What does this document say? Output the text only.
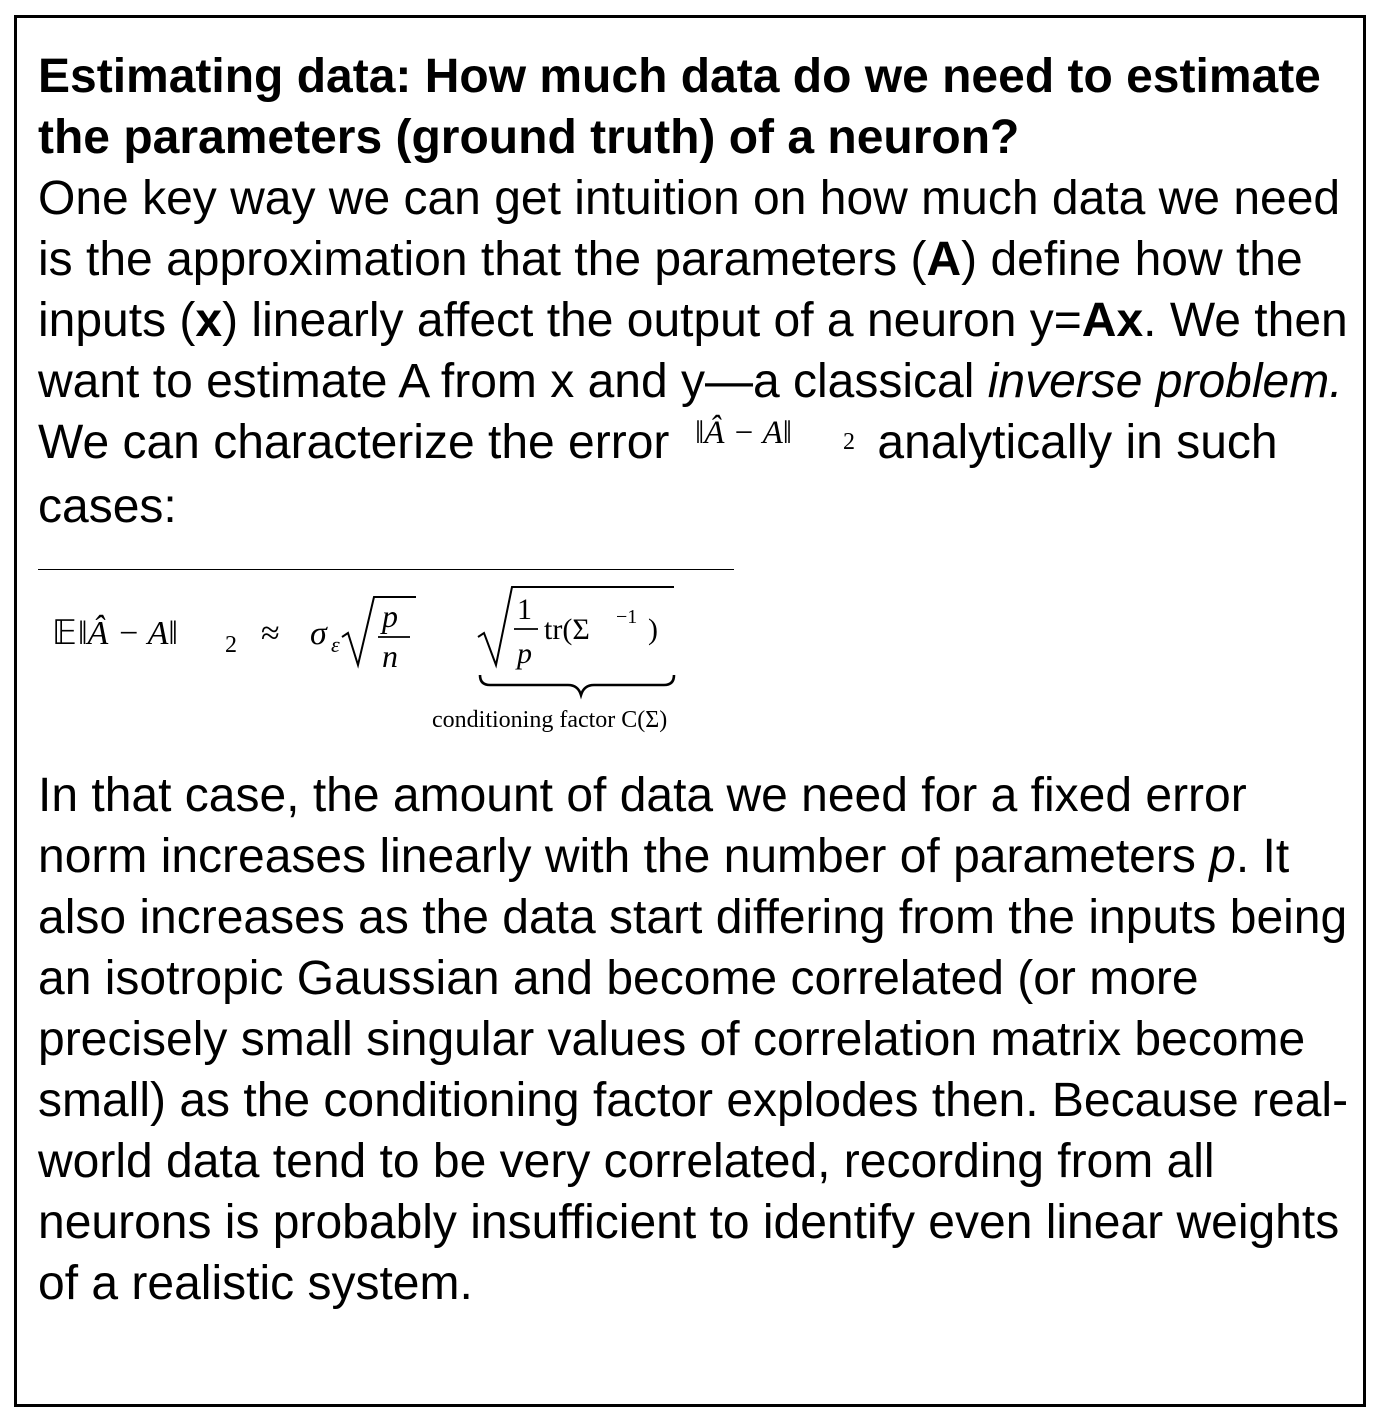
Estimating data: How much data do we need to estimate the parameters (ground truth) of a neuron?

One key way we can get intuition on how much data we need is the approximation that the parameters (A) define how the inputs (x) linearly affect the output of a neuron y=Ax. We then want to estimate A from x and y—a classical inverse problem. We can characterize the error ‖Â − A‖ 2 analytically in such cases:

𝔼 ‖Â − A‖ 2 ≈ σ ε
p
n
1
p
tr(Σ −1 )
conditioning factor C(Σ)

In that case, the amount of data we need for a fixed error norm increases linearly with the number of parameters p. It also increases as the data start differing from the inputs being an isotropic Gaussian and become correlated (or more precisely small singular values of correlation matrix become small) as the conditioning factor explodes then. Because real-world data tend to be very correlated, recording from all neurons is probably insufficient to identify even linear weights of a realistic system.
